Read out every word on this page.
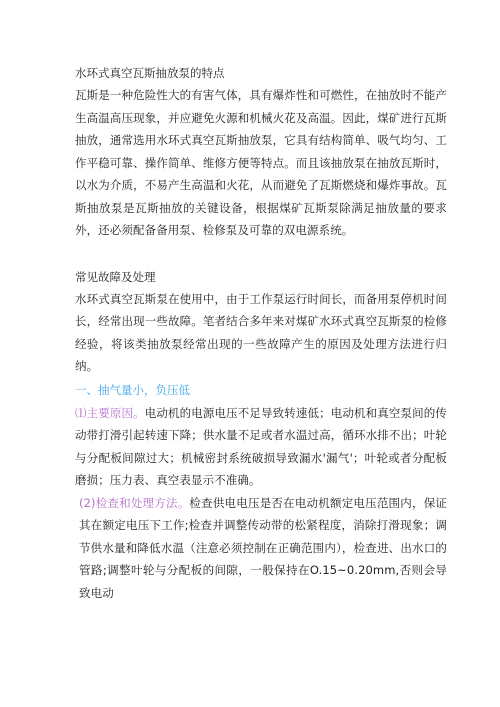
水环式真空瓦斯抽放泵的特点

瓦斯是一种危险性大的有害气体，具有爆炸性和可燃性，在抽放时不能产生高温高压现象，并应避免火源和机械火花及高温。因此，煤矿进行瓦斯抽放，通常选用水环式真空瓦斯抽放泵，它具有结构简单、吸气均匀、工作平稳可靠、操作简单、维修方便等特点。而且该抽放泵在抽放瓦斯时，以水为介质，不易产生高温和火花，从而避免了瓦斯燃烧和爆炸事故。瓦斯抽放泵是瓦斯抽放的关键设备，根据煤矿瓦斯泵除满足抽放量的要求外，还必须配备备用泵、检修泵及可靠的双电源系统。

常见故障及处理

水环式真空瓦斯泵在使用中，由于工作泵运行时间长，而备用泵停机时间长，经常出现一些故障。笔者结合多年来对煤矿水环式真空瓦斯泵的检修经验，将该类抽放泵经常出现的一些故障产生的原因及处理方法进行归纳。

一、抽气量小，负压低

⑴主要原因。电动机的电源电压不足导致转速低；电动机和真空泵间的传动带打滑引起转速下降；供水量不足或者水温过高，循环水排不出；叶轮与分配板间隙过大；机械密封系统破损导致漏水'漏气'；叶轮或者分配板磨损；压力表、真空表显示不准确。

(2)检查和处理方法。检查供电电压是否在电动机额定电压范围内，保证其在额定电压下工作;检查并调整传动带的松紧程度，消除打滑现象；调节供水量和降低水温（注意必须控制在正确范围内），检查进、出水口的管路;调整叶轮与分配板的间隙，一般保持在O.15~0.20mm,否则会导致电动
